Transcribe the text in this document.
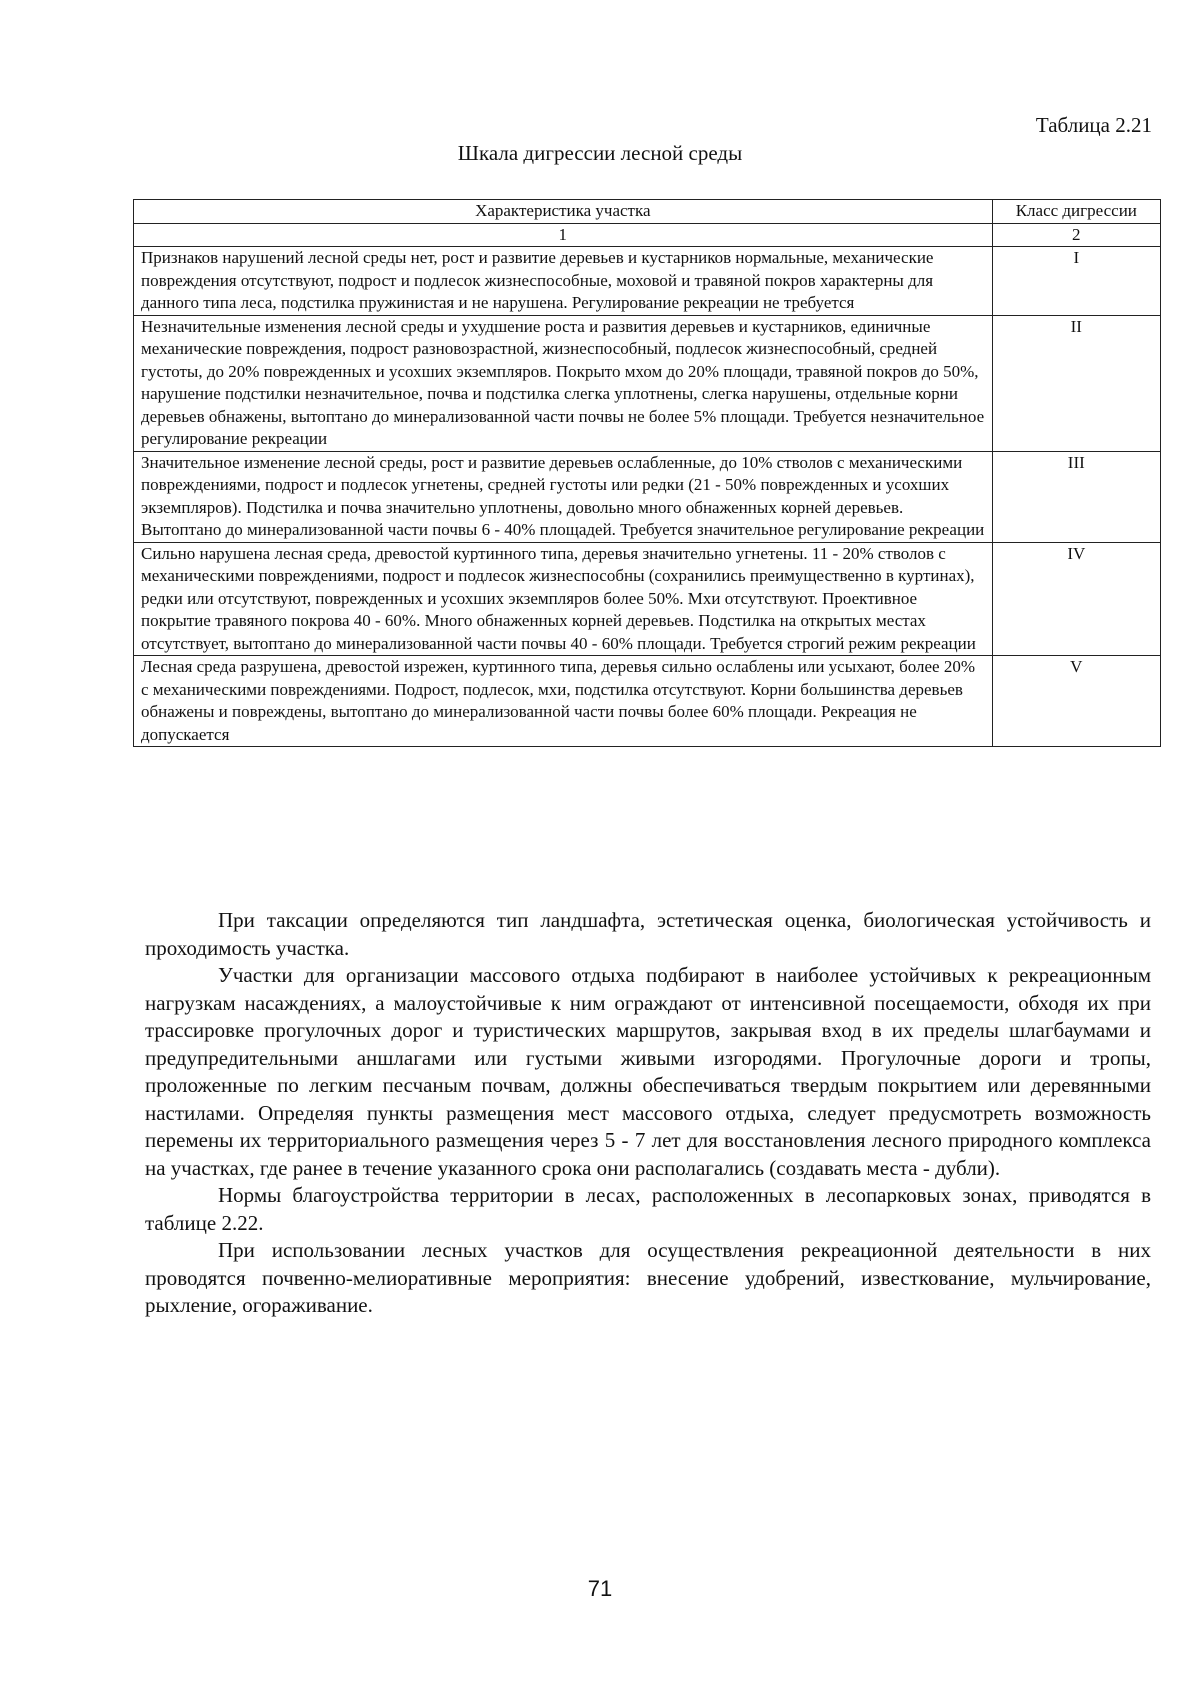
Таблица 2.21
Шкала дигрессии лесной среды
Характеристика участка	Класс дигрессии
1	2
Признаков нарушений лесной среды нет, рост и развитие деревьев и кустарников нормальные, механические повреждения отсутствуют, подрост и подлесок жизнеспособные, моховой и травяной покров характерны для данного типа леса, подстилка пружинистая и не нарушена. Регулирование рекреации не требуется	I
Незначительные изменения лесной среды и ухудшение роста и развития деревьев и кустарников, единичные механические повреждения, подрост разновозрастной, жизнеспособный, подлесок жизнеспособный, средней густоты, до 20% поврежденных и усохших экземпляров. Покрыто мхом до 20% площади, травяной покров до 50%, нарушение подстилки незначительное, почва и подстилка слегка уплотнены, слегка нарушены, отдельные корни деревьев обнажены, вытоптано до минерализованной части почвы не более 5% площади. Требуется незначительное регулирование рекреации	II
Значительное изменение лесной среды, рост и развитие деревьев ослабленные, до 10% стволов с механическими повреждениями, подрост и подлесок угнетены, средней густоты или редки (21 - 50% поврежденных и усохших экземпляров). Подстилка и почва значительно уплотнены, довольно много обнаженных корней деревьев. Вытоптано до минерализованной части почвы 6 - 40% площадей. Требуется значительное регулирование рекреации	III
Сильно нарушена лесная среда, древостой куртинного типа, деревья значительно угнетены. 11 - 20% стволов с механическими повреждениями, подрост и подлесок жизнеспособны (сохранились преимущественно в куртинах), редки или отсутствуют, поврежденных и усохших экземпляров более 50%. Мхи отсутствуют. Проективное покрытие травяного покрова 40 - 60%. Много обнаженных корней деревьев. Подстилка на открытых местах отсутствует, вытоптано до минерализованной части почвы 40 - 60% площади. Требуется строгий режим рекреации	IV
Лесная среда разрушена, древостой изрежен, куртинного типа, деревья сильно ослаблены или усыхают, более 20% с механическими повреждениями. Подрост, подлесок, мхи, подстилка отсутствуют. Корни большинства деревьев обнажены и повреждены, вытоптано до минерализованной части почвы более 60% площади. Рекреация не допускается	V

При таксации определяются тип ландшафта, эстетическая оценка, биологическая устойчивость и проходимость участка.

Участки для организации массового отдыха подбирают в наиболее устойчивых к рекреационным нагрузкам насаждениях, а малоустойчивые к ним ограждают от интенсивной посещаемости, обходя их при трассировке прогулочных дорог и туристических маршрутов, закрывая вход в их пределы шлагбаумами и предупредительными аншлагами или густыми живыми изгородями. Прогулочные дороги и тропы, проложенные по легким песчаным почвам, должны обеспечиваться твердым покрытием или деревянными настилами. Определяя пункты размещения мест массового отдыха, следует предусмотреть возможность перемены их территориального размещения через 5 - 7 лет для восстановления лесного природного комплекса на участках, где ранее в течение указанного срока они располагались (создавать места - дубли).

Нормы благоустройства территории в лесах, расположенных в лесопарковых зонах, приводятся в таблице 2.22.

При использовании лесных участков для осуществления рекреационной деятельности в них проводятся почвенно-мелиоративные мероприятия: внесение удобрений, известкование, мульчирование, рыхление, огораживание.

71
